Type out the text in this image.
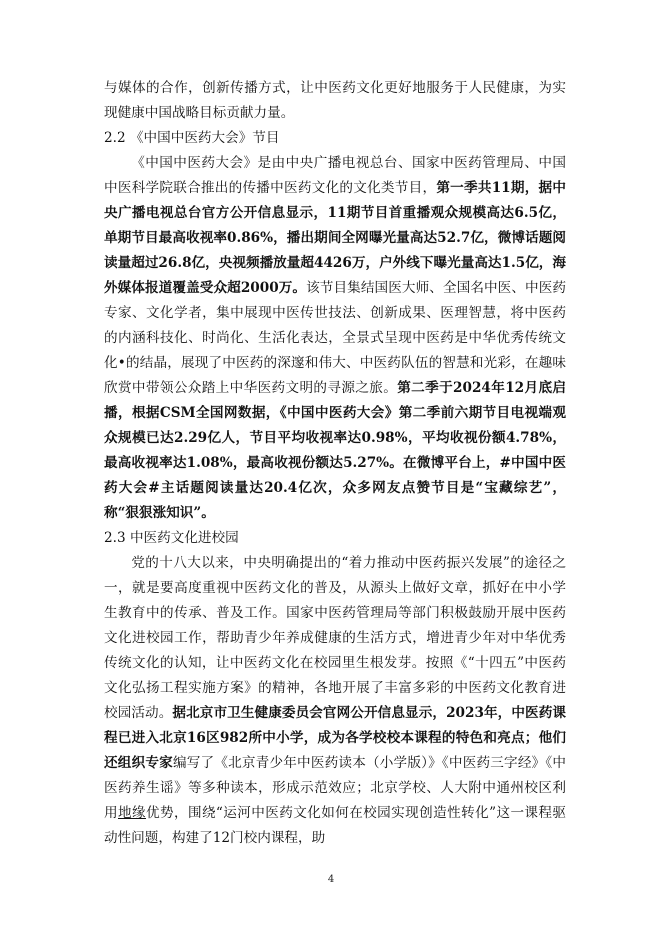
与媒体的合作，创新传播方式，让中医药文化更好地服务于人民健康，为实现健康中国战略目标贡献力量。

2.2 《中国中医药大会》节目

《中国中医药大会》是由中央广播电视总台、国家中医药管理局、中国中医科学院联合推出的传播中医药文化的文化类节目，第一季共11期，据中央广播电视总台官方公开信息显示，11期节目首重播观众规模高达6.5亿，单期节目最高收视率0.86%，播出期间全网曝光量高达52.7亿，微博话题阅读量超过26.8亿，央视频播放量超4426万，户外线下曝光量高达1.5亿，海外媒体报道覆盖受众超2000万。该节目集结国医大师、全国名中医、中医药专家、文化学者，集中展现中医传世技法、创新成果、医理智慧，将中医药的内涵科技化、时尚化、生活化表达，全景式呈现中医药是中华优秀传统文化•的结晶，展现了中医药的深邃和伟大、中医药队伍的智慧和光彩，在趣味欣赏中带领公众踏上中华医药文明的寻源之旅。第二季于2024年12月底启播，根据CSM全国网数据，《中国中医药大会》第二季前六期节目电视端观众规模已达2.29亿人，节目平均收视率达0.98%，平均收视份额4.78%，最高收视率达1.08%，最高收视份额达5.27%。在微博平台上，#中国中医药大会#主话题阅读量达20.4亿次，众多网友点赞节目是“宝藏综艺”，称“狠狠涨知识”。

2.3 中医药文化进校园

党的十八大以来，中央明确提出的“着力推动中医药振兴发展”的途径之一，就是要高度重视中医药文化的普及，从源头上做好文章，抓好在中小学生教育中的传承、普及工作。国家中医药管理局等部门积极鼓励开展中医药文化进校园工作，帮助青少年养成健康的生活方式，增进青少年对中华优秀传统文化的认知，让中医药文化在校园里生根发芽。按照《“十四五”中医药文化弘扬工程实施方案》的精神，各地开展了丰富多彩的中医药文化教育进校园活动。据北京市卫生健康委员会官网公开信息显示，2023年，中医药课程已进入北京16区982所中小学，成为各学校校本课程的特色和亮点；他们还组织专家编写了《北京青少年中医药读本（小学版）》《中医药三字经》《中医药养生谣》等多种读本，形成示范效应；北京学校、人大附中通州校区利用地缘优势，围绕“运河中医药文化如何在校园实现创造性转化”这一课程驱动性问题，构建了12门校内课程，助

4
